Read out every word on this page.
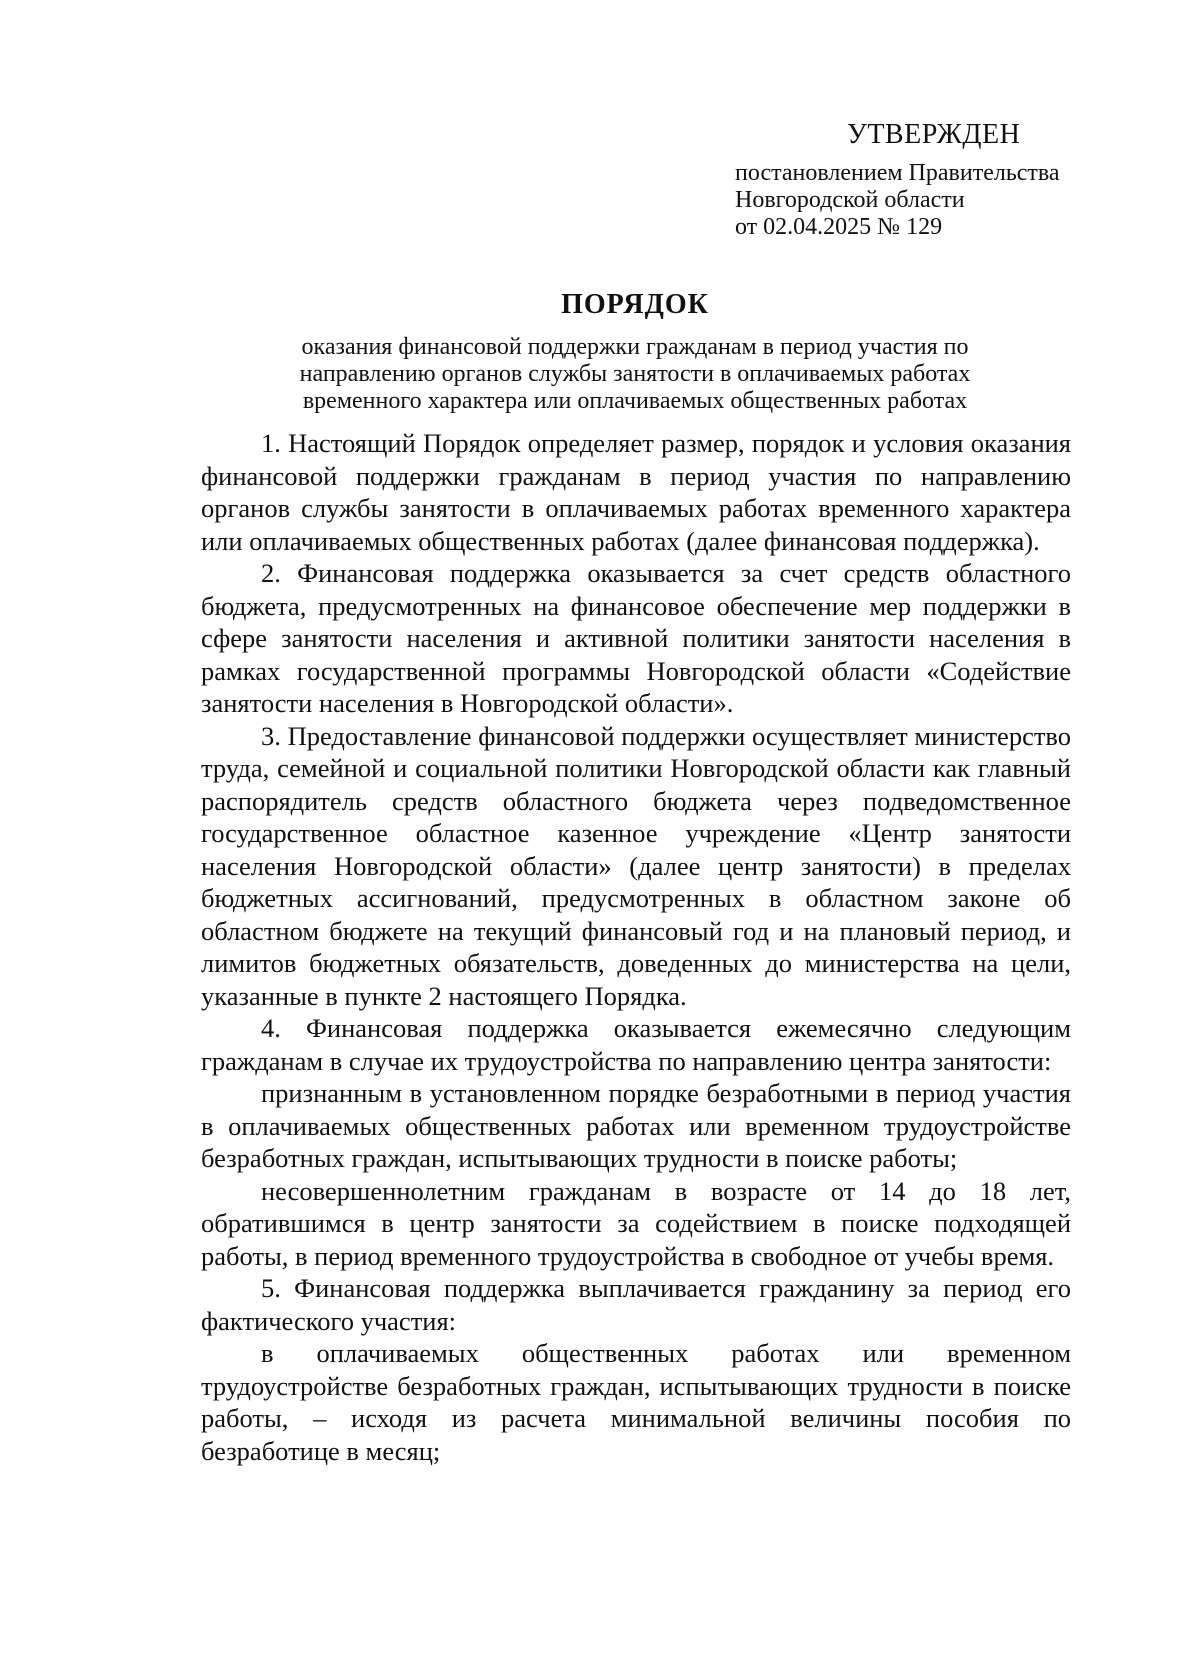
УТВЕРЖДЕН
постановлением Правительства
Новгородской области
от 02.04.2025 № 129
ПОРЯДОК
оказания финансовой поддержки гражданам в период участия по
направлению органов службы занятости в оплачиваемых работах
временного характера или оплачиваемых общественных работах

1. Настоящий Порядок определяет размер, порядок и условия оказания финансовой поддержки гражданам в период участия по направлению органов службы занятости в оплачиваемых работах временного характера или оплачиваемых общественных работах (далее финансовая поддержка).

2. Финансовая поддержка оказывается за счет средств областного бюджета, предусмотренных на финансовое обеспечение мер поддержки в сфере занятости населения и активной политики занятости населения в рамках государственной программы Новгородской области «Содействие занятости населения в Новгородской области».

3. Предоставление финансовой поддержки осуществляет министерство труда, семейной и социальной политики Новгородской области как главный распорядитель средств областного бюджета через подведомственное государственное областное казенное учреждение «Центр занятости населения Новгородской области» (далее центр занятости) в пределах бюджетных ассигнований, предусмотренных в областном законе об областном бюджете на текущий финансовый год и на плановый период, и лимитов бюджетных обязательств, доведенных до министерства на цели, указанные в пункте 2 настоящего Порядка.

4. Финансовая поддержка оказывается ежемесячно следующим гражданам в случае их трудоустройства по направлению центра занятости:

признанным в установленном порядке безработными в период участия в оплачиваемых общественных работах или временном трудоустройстве безработных граждан, испытывающих трудности в поиске работы;

несовершеннолетним гражданам в возрасте от 14 до 18 лет, обратившимся в центр занятости за содействием в поиске подходящей работы, в период временного трудоустройства в свободное от учебы время.

5. Финансовая поддержка выплачивается гражданину за период его фактического участия:

в оплачиваемых общественных работах или временном трудоустройстве безработных граждан, испытывающих трудности в поиске работы, – исходя из расчета минимальной величины пособия по безработице в месяц;
